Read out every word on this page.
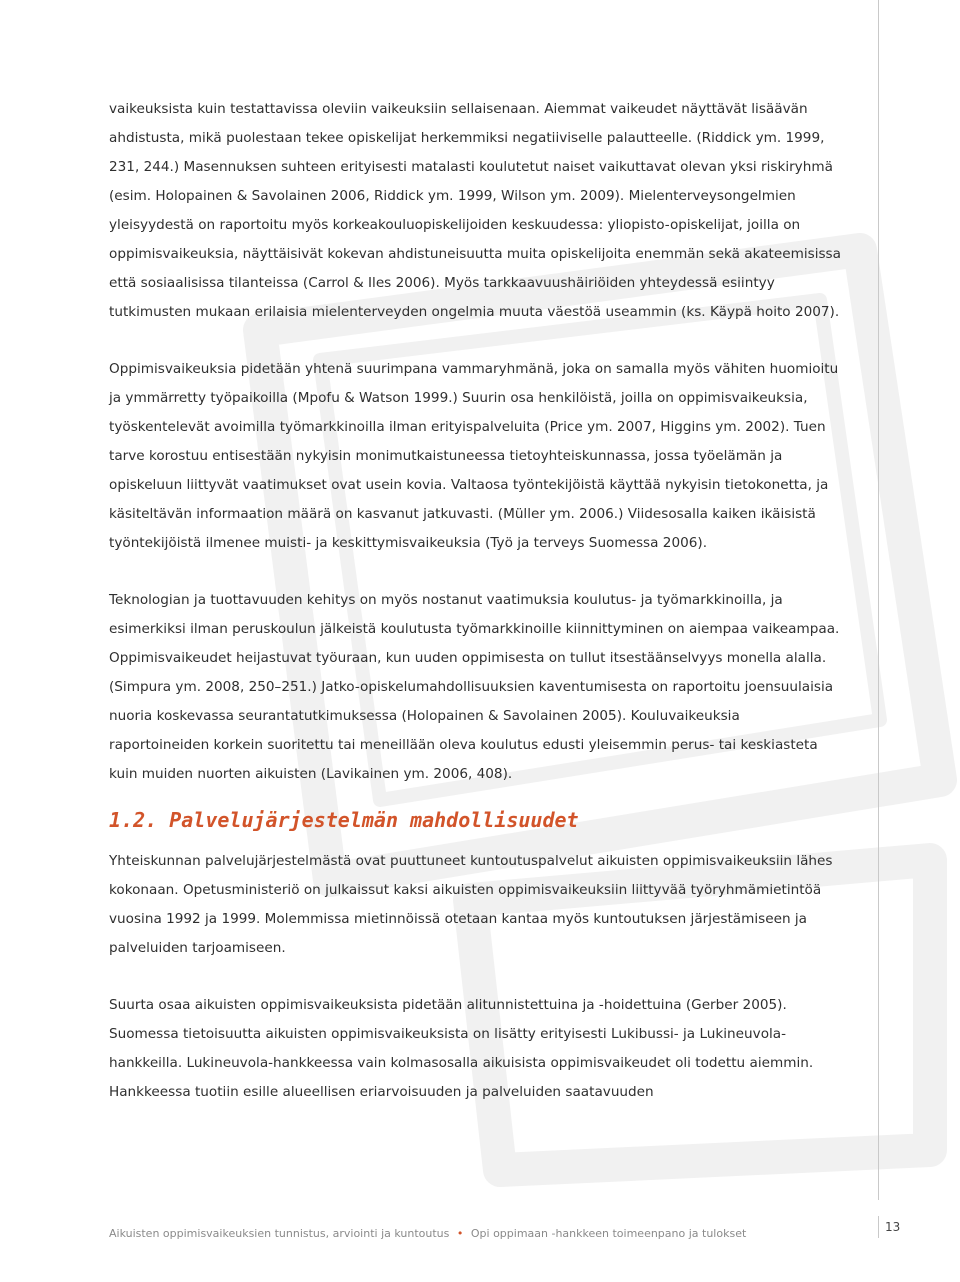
vaikeuksista kuin testattavissa oleviin vaikeuksiin sellaisenaan. Aiemmat vaikeudet näyttävät lisäävän ahdistusta, mikä puolestaan tekee opiskelijat herkemmiksi negatiiviselle palautteelle. (Riddick ym. 1999, 231, 244.) Masennuksen suhteen erityisesti matalasti koulutetut naiset vaikuttavat olevan yksi riskiryhmä (esim. Holopainen & Savolainen 2006, Riddick ym. 1999, Wilson ym. 2009). Mielenterveysongelmien yleisyydestä on raportoitu myös korkeakouluopiskelijoiden keskuudessa: yliopisto-opiskelijat, joilla on oppimisvaikeuksia, näyttäisivät kokevan ahdistuneisuutta muita opiskelijoita enemmän sekä akateemisissa että sosiaalisissa tilanteissa (Carrol & Iles 2006). Myös tarkkaavuushäiriöiden yhteydessä esiintyy tutkimusten mukaan erilaisia mielenterveyden ongelmia muuta väestöä useammin (ks. Käypä hoito 2007).

Oppimisvaikeuksia pidetään yhtenä suurimpana vammaryhmänä, joka on samalla myös vähiten huomioitu ja ymmärretty työpaikoilla (Mpofu & Watson 1999.) Suurin osa henkilöistä, joilla on oppimisvaikeuksia, työskentelevät avoimilla työmarkkinoilla ilman erityispalveluita (Price ym. 2007, Higgins ym. 2002). Tuen tarve korostuu entisestään nykyisin monimutkaistuneessa tietoyhteiskunnassa, jossa työelämän ja opiskeluun liittyvät vaatimukset ovat usein kovia. Valtaosa työntekijöistä käyttää nykyisin tietokonetta, ja käsiteltävän informaation määrä on kasvanut jatkuvasti. (Müller ym. 2006.) Viidesosalla kaiken ikäisistä työntekijöistä ilmenee muisti- ja keskittymisvaikeuksia (Työ ja terveys Suomessa 2006).

Teknologian ja tuottavuuden kehitys on myös nostanut vaatimuksia koulutus- ja työmarkkinoilla, ja esimerkiksi ilman peruskoulun jälkeistä koulutusta työmarkkinoille kiinnittyminen on aiempaa vaikeampaa. Oppimisvaikeudet heijastuvat työuraan, kun uuden oppimisesta on tullut itsestäänselvyys monella alalla. (Simpura ym. 2008, 250–251.) Jatko-opiskelumahdollisuuksien kaventumisesta on raportoitu joensuulaisia nuoria koskevassa seurantatutkimuksessa (Holopainen & Savolainen 2005). Kouluvaikeuksia raportoineiden korkein suoritettu tai meneillään oleva koulutus edusti yleisemmin perus- tai keskiasteta kuin muiden nuorten aikuisten (Lavikainen ym. 2006, 408).

1.2. Palvelujärjestelmän mahdollisuudet

Yhteiskunnan palvelujärjestelmästä ovat puuttuneet kuntoutuspalvelut aikuisten oppimisvaikeuksiin lähes kokonaan. Opetusministeriö on julkaissut kaksi aikuisten oppimisvaikeuksiin liittyvää työryhmämietintöä vuosina 1992 ja 1999. Molemmissa mietinnöissä otetaan kantaa myös kuntoutuksen järjestämiseen ja palveluiden tarjoamiseen.

Suurta osaa aikuisten oppimisvaikeuksista pidetään alitunnistettuina ja -hoidettuina (Gerber 2005). Suomessa tietoisuutta aikuisten oppimisvaikeuksista on lisätty erityisesti Lukibussi- ja Lukineuvola-hankkeilla. Lukineuvola-hankkeessa vain kolmasosalla aikuisista oppimisvaikeudet oli todettu aiemmin. Hankkeessa tuotiin esille alueellisen eriarvoisuuden ja palveluiden saatavuuden

Aikuisten oppimisvaikeuksien tunnistus, arviointi ja kuntoutus • Opi oppimaan -hankkeen toimeenpano ja tulokset	13
